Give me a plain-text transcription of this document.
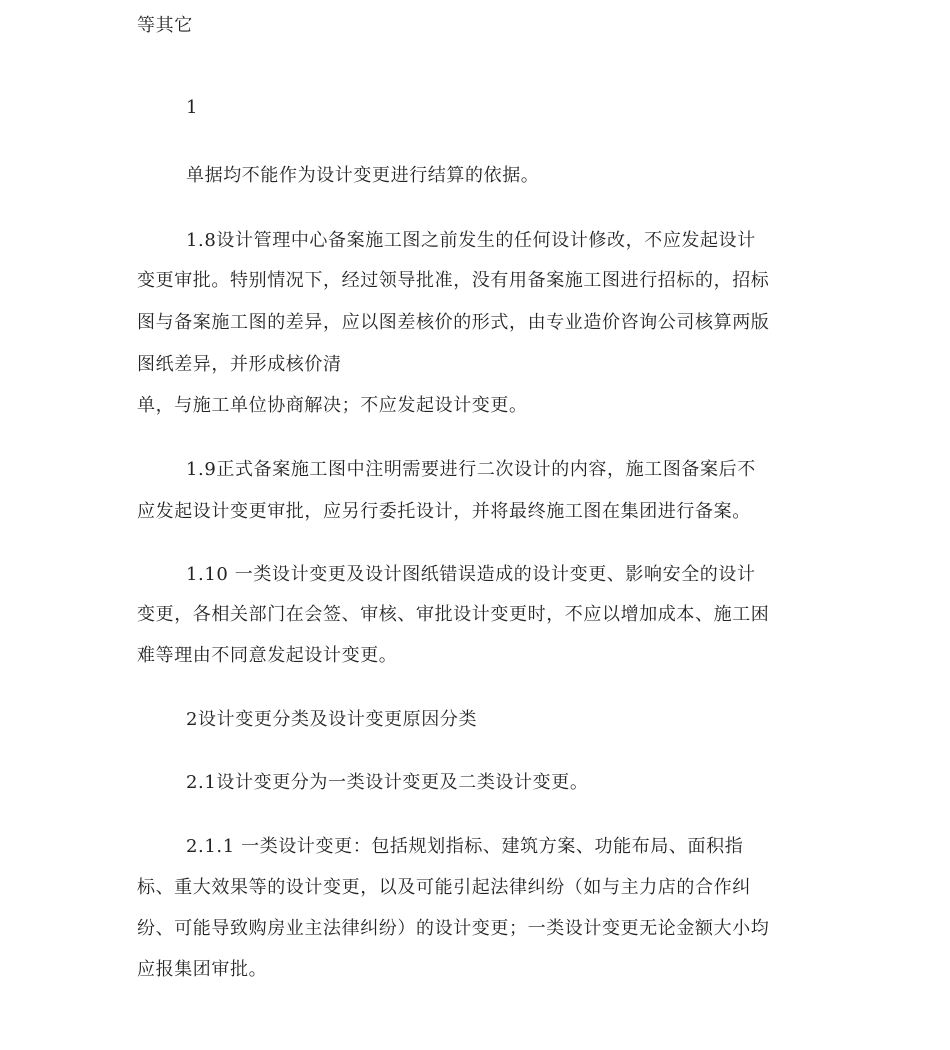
等其它
1
单据均不能作为设计变更进行结算的依据。
1.8设计管理中心备案施工图之前发生的任何设计修改，不应发起设计
变更审批。特别情况下，经过领导批准，没有用备案施工图进行招标的，招标
图与备案施工图的差异，应以图差核价的形式，由专业造价咨询公司核算两版
图纸差异，并形成核价清
单，与施工单位协商解决；不应发起设计变更。
1.9正式备案施工图中注明需要进行二次设计的内容，施工图备案后不
应发起设计变更审批，应另行委托设计，并将最终施工图在集团进行备案。
1.10 一类设计变更及设计图纸错误造成的设计变更、影响安全的设计
变更，各相关部门在会签、审核、审批设计变更时，不应以增加成本、施工困
难等理由不同意发起设计变更。
2设计变更分类及设计变更原因分类
2.1设计变更分为一类设计变更及二类设计变更。
2.1.1 一类设计变更：包括规划指标、建筑方案、功能布局、面积指
标、重大效果等的设计变更，以及可能引起法律纠纷（如与主力店的合作纠
纷、可能导致购房业主法律纠纷）的设计变更；一类设计变更无论金额大小均
应报集团审批。
